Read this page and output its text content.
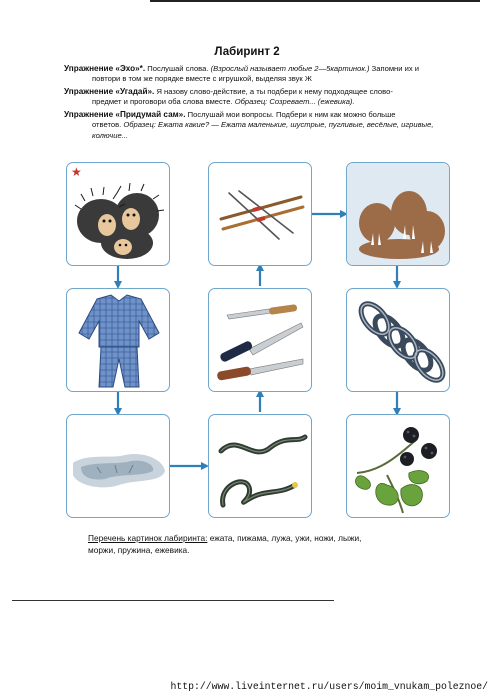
Лабиринт 2
Упражнение «Эхо»*. Послушай слова. (Взрослый называет любые 2—5картинок.) Запомни их и
повтори в том же порядке вместе с игрушкой, выделяя звук Ж
Упражнение «Угадай». Я назову слово-действие, а ты подбери к нему подходящее слово-
предмет и проговори оба слова вместе. Образец: Созревает... (ежевика).
Упражнение «Придумай сам». Послушай мои вопросы. Подбери к ним как можно больше
ответов. Образец: Ежата какие? — Ежата маленькие, шустрые, пугливые, весёлые, игривые,
колючие...
★
Перечень картинок лабиринта: ежата, пижама, лужа, ужи, ножи, лыжи,
моржи, пружина, ежевика.
http://www.liveinternet.ru/users/moim_vnukam_poleznoe/
